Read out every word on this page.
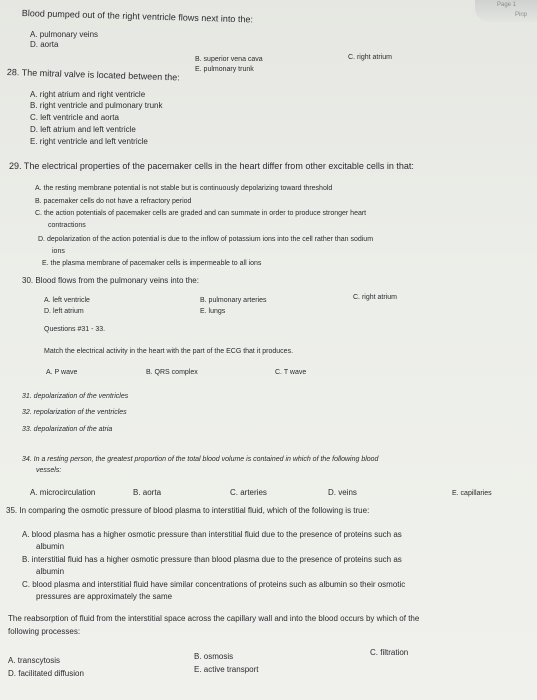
Page 1
Pinp
Blood pumped out of the right ventricle flows next into the:
A. pulmonary veins
D. aorta
B. superior vena cava
E. pulmonary trunk
C. right atrium
28. The mitral valve is located between the:
A. right atrium and right ventricle
B. right ventricle and pulmonary trunk
C. left ventricle and aorta
D. left atrium and left ventricle
E. right ventricle and left ventricle
29. The electrical properties of the pacemaker cells in the heart differ from other excitable cells in that:
A. the resting membrane potential is not stable but is continuously depolarizing toward threshold
B. pacemaker cells do not have a refractory period
C. the action potentials of pacemaker cells are graded and can summate in order to produce stronger heart
contractions
D. depolarization of the action potential is due to the inflow of potassium ions into the cell rather than sodium
ions
E. the plasma membrane of pacemaker cells is impermeable to all ions
30. Blood flows from the pulmonary veins into the:
A. left ventricle
D. left atrium
B. pulmonary arteries
E. lungs
C. right atrium
Questions #31 - 33.
Match the electrical activity in the heart with the part of the ECG that it produces.
A. P wave	B. QRS complex	C. T wave
31. depolarization of the ventricles
32. repolarization of the ventricles
33. depolarization of the atria
34. In a resting person, the greatest proportion of the total blood volume is contained in which of the following blood
vessels:
A. microcirculation	B. aorta	C. arteries	D. veins	E. capillaries
35. In comparing the osmotic pressure of blood plasma to interstitial fluid, which of the following is true:
A. blood plasma has a higher osmotic pressure than interstitial fluid due to the presence of proteins such as
albumin
B. interstitial fluid has a higher osmotic pressure than blood plasma due to the presence of proteins such as
albumin
C. blood plasma and interstitial fluid have similar concentrations of proteins such as albumin so their osmotic
pressures are approximately the same
The reabsorption of fluid from the interstitial space across the capillary wall and into the blood occurs by which of the
following processes:
A. transcytosis
D. facilitated diffusion
B. osmosis
E. active transport
C. filtration
